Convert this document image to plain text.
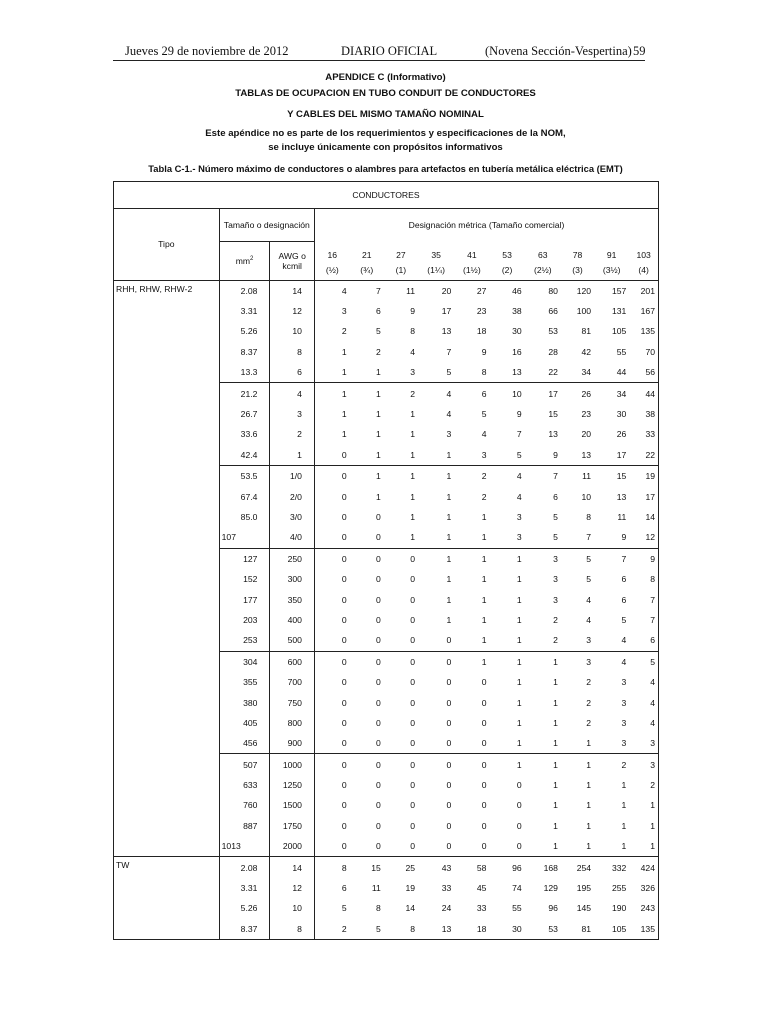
Jueves 29 de noviembre de 2012	DIARIO OFICIAL	(Novena Sección-Vespertina) 59
APENDICE C (Informativo)
TABLAS DE OCUPACION EN TUBO CONDUIT DE CONDUCTORES
Y CABLES DEL MISMO TAMAÑO NOMINAL
Este apéndice no es parte de los requerimientos y especificaciones de la NOM,
se incluye únicamente con propósitos informativos
Tabla C-1.- Número máximo de conductores o alambres para artefactos en tubería metálica eléctrica (EMT)
CONDUCTORES												
Tipo	Tamaño o designación		Designación métrica (Tamaño comercial)									
	$mm^2$	AWG o kcmil	16	21	27	35	41	53	63	78	91	103
			(½)	(¾)	(1)	(1¼)	(1½)	(2)	(2½)	(3)	(3½)	(4)
RHH, RHW, RHW-2	2.08	14	4	7	11	20	27	46	80	120	157	201
	3.31	12	3	6	9	17	23	38	66	100	131	167
	5.26	10	2	5	8	13	18	30	53	81	105	135
	8.37	8	1	2	4	7	9	16	28	42	55	70
	13.3	6	1	1	3	5	8	13	22	34	44	56
	21.2	4	1	1	2	4	6	10	17	26	34	44
	26.7	3	1	1	1	4	5	9	15	23	30	38
	33.6	2	1	1	1	3	4	7	13	20	26	33
	42.4	1	0	1	1	1	3	5	9	13	17	22
	53.5	1/0	0	1	1	1	2	4	7	11	15	19
	67.4	2/0	0	1	1	1	2	4	6	10	13	17
	85.0	3/0	0	0	1	1	1	3	5	8	11	14
	107	4/0	0	0	1	1	1	3	5	7	9	12
	127	250	0	0	0	1	1	1	3	5	7	9
	152	300	0	0	0	1	1	1	3	5	6	8
	177	350	0	0	0	1	1	1	3	4	6	7
	203	400	0	0	0	1	1	1	2	4	5	7
	253	500	0	0	0	0	1	1	2	3	4	6
	304	600	0	0	0	0	1	1	1	3	4	5
	355	700	0	0	0	0	0	1	1	2	3	4
	380	750	0	0	0	0	0	1	1	2	3	4
	405	800	0	0	0	0	0	1	1	2	3	4
	456	900	0	0	0	0	0	1	1	1	3	3
	507	1000	0	0	0	0	0	1	1	1	2	3
	633	1250	0	0	0	0	0	0	1	1	1	2
	760	1500	0	0	0	0	0	0	1	1	1	1
	887	1750	0	0	0	0	0	0	1	1	1	1
	1013	2000	0	0	0	0	0	0	1	1	1	1
TW	2.08	14	8	15	25	43	58	96	168	254	332	424
	3.31	12	6	11	19	33	45	74	129	195	255	326
	5.26	10	5	8	14	24	33	55	96	145	190	243
	8.37	8	2	5	8	13	18	30	53	81	105	135
